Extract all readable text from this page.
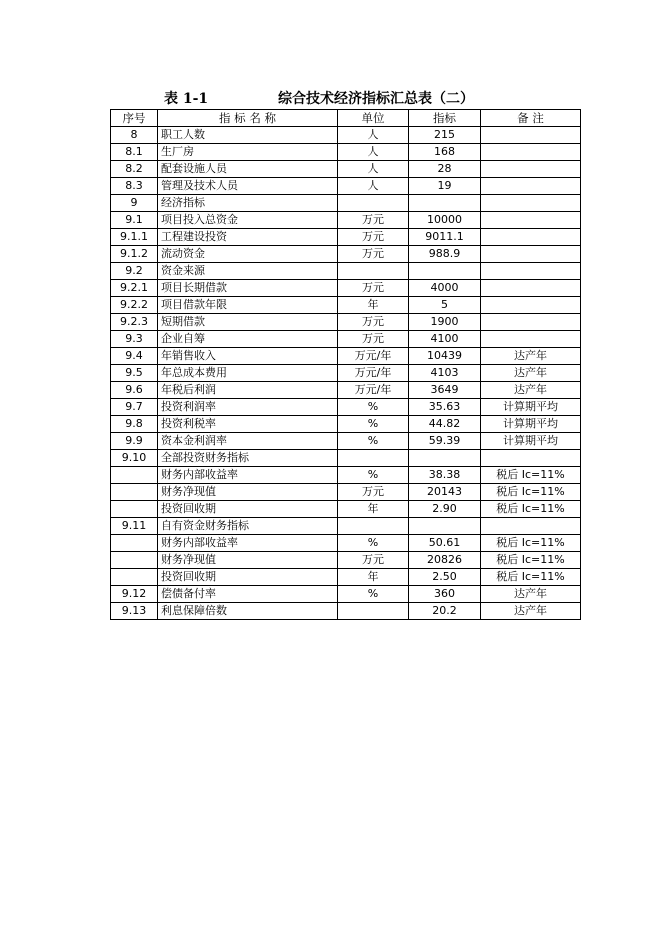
表 1-1	综合技术经济指标汇总表（二）
序号	指 标 名 称	单位	指标	备 注
8	职工人数	人	215	
8.1	生厂房	人	168	
8.2	配套设施人员	人	28	
8.3	管理及技术人员	人	19	
9	经济指标			
9.1	项目投入总资金	万元	10000	
9.1.1	工程建设投资	万元	9011.1	
9.1.2	流动资金	万元	988.9	
9.2	资金来源			
9.2.1	项目长期借款	万元	4000	
9.2.2	项目借款年限	年	5	
9.2.3	短期借款	万元	1900	
9.3	企业自筹	万元	4100	
9.4	年销售收入	万元/年	10439	达产年
9.5	年总成本费用	万元/年	4103	达产年
9.6	年税后利润	万元/年	3649	达产年
9.7	投资利润率	%	35.63	计算期平均
9.8	投资利税率	%	44.82	计算期平均
9.9	资本金利润率	%	59.39	计算期平均
9.10	全部投资财务指标			
	财务内部收益率	%	38.38	税后 Ic=11%
	财务净现值	万元	20143	税后 Ic=11%
	投资回收期	年	2.90	税后 Ic=11%
9.11	自有资金财务指标			
	财务内部收益率	%	50.61	税后 Ic=11%
	财务净现值	万元	20826	税后 Ic=11%
	投资回收期	年	2.50	税后 Ic=11%
9.12	偿债备付率	%	360	达产年
9.13	利息保障倍数		20.2	达产年
